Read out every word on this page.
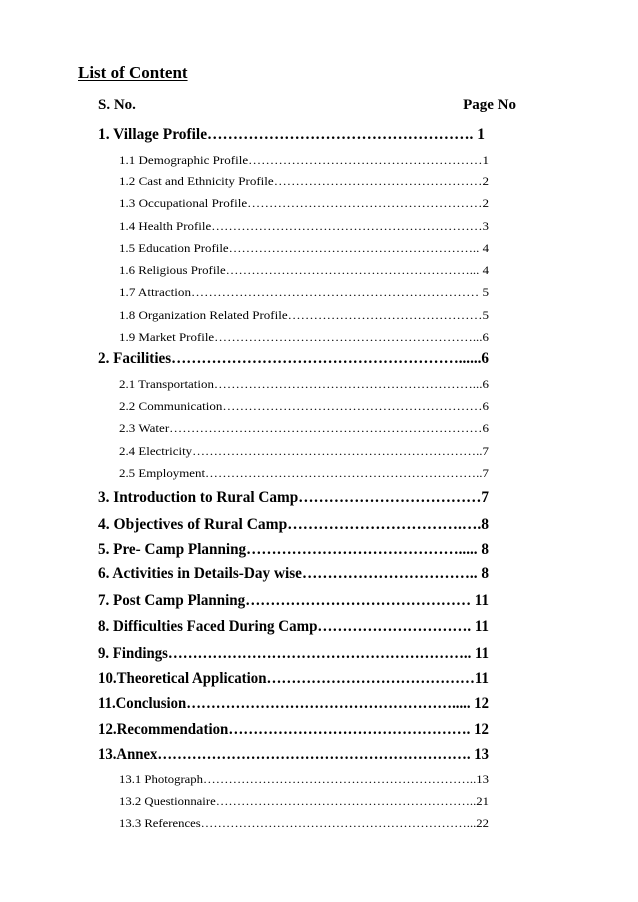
List of Content
S. No.	Page No
1. Village Profile……………………………………………. 1
1.1 Demographic Profile………………………………………………1
1.2 Cast and Ethnicity Profile…………………………………………2
1.3 Occupational Profile………………………………………………2
1.4 Health Profile………………………………………………………3
1.5 Education Profile………………………………………………….. 4
1.6 Religious Profile…………………………………………………... 4
1.7 Attraction………………………………………………………… 5
1.8 Organization Related Profile………………………………………5
1.9 Market Profile……………………………………………………...6
2. Facilities…………………………………………………......6
2.1 Transportation……………………………………………………...6
2.2 Communication……………………………………………………6
2.3 Water………………………………………………………………6
2.4 Electricity…………………………………………………………..7
2.5 Employment………………………………………………………..7
3. Introduction to Rural Camp………………………………7
4. Objectives of Rural Camp…………………………….….8
5. Pre- Camp Planning……………………………………..... 8
6. Activities in Details-Day wise…………………………….. 8
7. Post Camp Planning……………………………………… 11
8. Difficulties Faced During Camp…………………………. 11
9. Findings…………………………………………………….. 11
10.Theoretical Application……………………………………11
11.Conclusion………………………………………………..... 12
12.Recommendation…………………………………………. 12
13.Annex………………………………………………………. 13
13.1 Photograph………………………………………………………..13
13.2 Questionnaire……………………………………………………..21
13.3 References………………………………………………………...22
